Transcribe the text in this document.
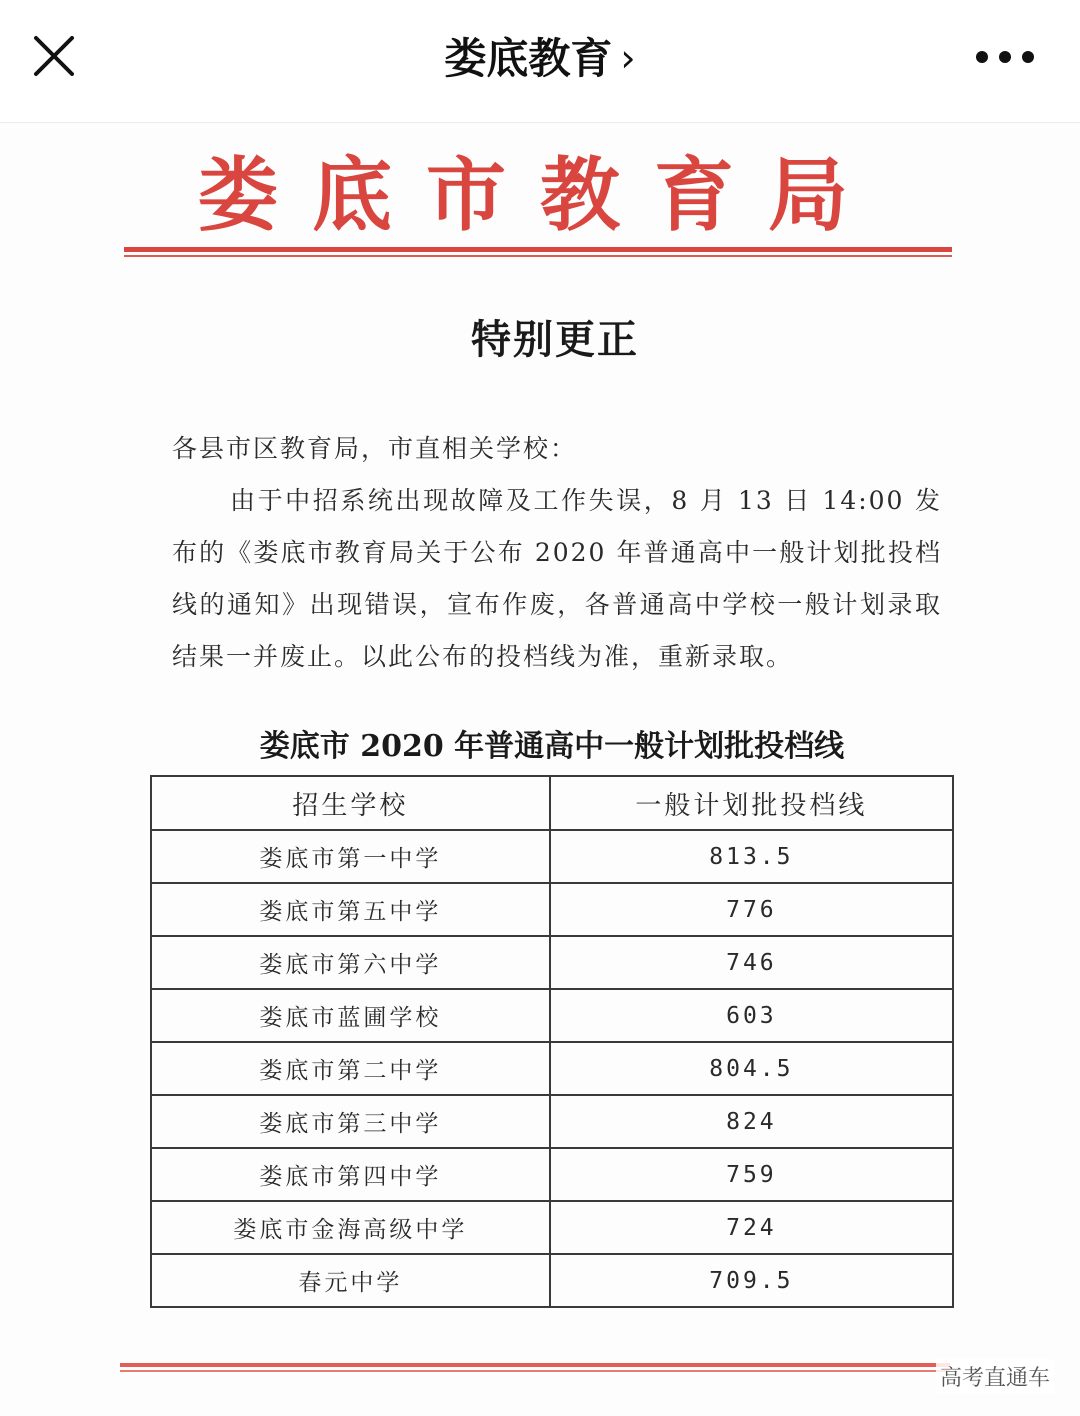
娄底教育 ›
娄底市教育局
特别更正

各县市区教育局，市直相关学校：

由于中招系统出现故障及工作失误，8 月 13 日 14:00 发布的《娄底市教育局关于公布 2020 年普通高中一般计划批投档线的通知》出现错误，宣布作废，各普通高中学校一般计划录取结果一并废止。以此公布的投档线为准，重新录取。

娄底市 2020 年普通高中一般计划批投档线
招生学校	一般计划批投档线
娄底市第一中学	813.5
娄底市第五中学	776
娄底市第六中学	746
娄底市蓝圃学校	603
娄底市第二中学	804.5
娄底市第三中学	824
娄底市第四中学	759
娄底市金海高级中学	724
春元中学	709.5
高考直通车
